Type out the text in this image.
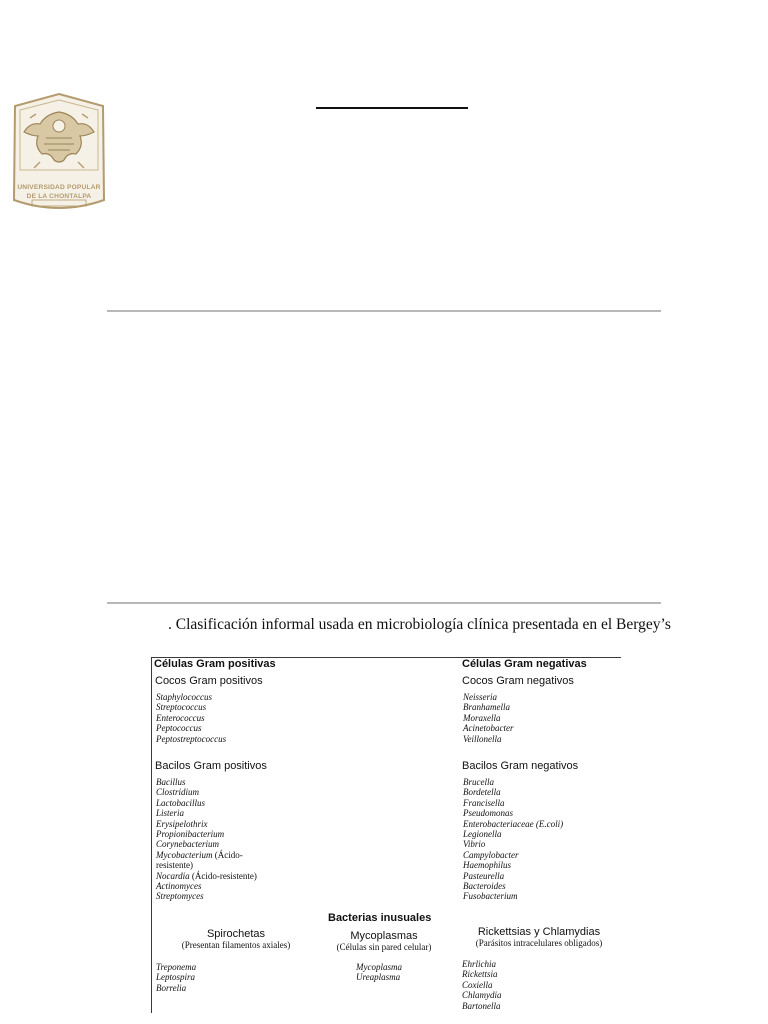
UNIVERSIDAD POPULAR
DE LA CHONTALPA
. Clasificación informal usada en microbiología clínica presentada en el Bergey’s
Células Gram positivas	Células Gram negativas
Cocos Gram positivos
Staphylococcus
Streptococcus
Enterococcus
Peptococcus
Peptostreptococcus
Cocos Gram negativos
Neisseria
Branhamella
Moraxella
Acinetobacter
Veillonella
Bacilos Gram positivos
Bacillus
Clostridium
Lactobacillus
Listeria
Erysipelothrix
Propionibacterium
Corynebacterium
Mycobacterium (Ácido-
resistente)
Nocardia (Ácido-resistente)
Actinomyces
Streptomyces
Bacilos Gram negativos
Brucella
Bordetella
Francisella
Pseudomonas
Enterobacteriaceae (E.coli)
Legionella
Vibrio
Campylobacter
Haemophilus
Pasteurella
Bacteroides
Fusobacterium
Bacterias inusuales
Spirochetas
(Presentan filamentos axiales)
Treponema
Leptospira
Borrelia
Mycoplasmas
(Células sin pared celular)
Mycoplasma
Ureaplasma
Rickettsias y Chlamydias
(Parásitos intracelulares obligados)
Ehrlichia
Rickettsia
Coxiella
Chlamydia
Bartonella
